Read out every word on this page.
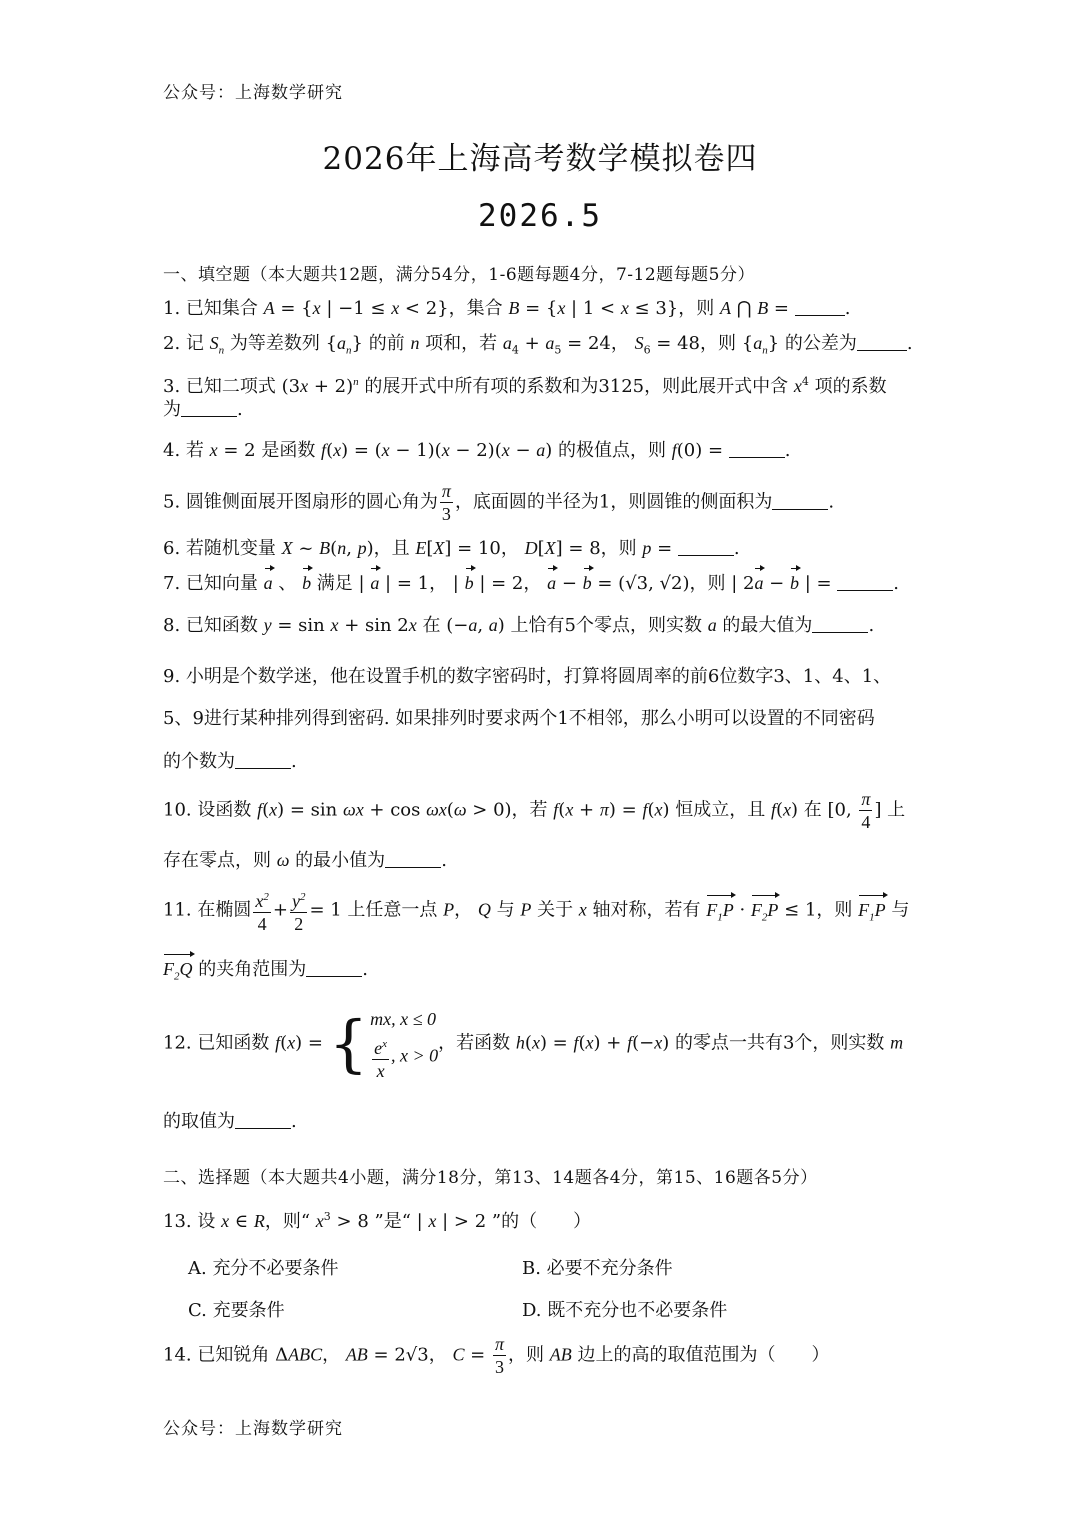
公众号：上海数学研究
2026年上海高考数学模拟卷四
2026.5
一、填空题（本大题共12题，满分54分，1-6题每题4分，7-12题每题5分）
1. 已知集合 A = {x | −1 ≤ x < 2}，集合 B = {x | 1 < x ≤ 3}，则 A ⋂ B =	.
2. 记 $S_n$ 为等差数列 $\{a_n\}$ 的前 n 项和，若 $a_4 + a_5 = 24$， $S_6 = 48$，则 $\{a_n\}$ 的公差为	.
3. 已知二项式 $(3x + 2)^n$ 的展开式中所有项的系数和为3125，则此展开式中含 $x^4$ 项的系数
为	.
4. 若 x = 2 是函数 f(x) = (x − 1)(x − 2)(x − a) 的极值点，则 f(0) =	.
5. 圆锥侧面展开图扇形的圆心角为 $\frac{\pi}{3}$ ，底面圆的半径为1，则圆锥的侧面积为	.
6. 若随机变量 X ~ B(n, p)，且 E[X] = 10， D[X] = 8，则 p =	.
7. 已知向量 a 、 b 满足 | a | = 1， | b | = 2， a − b = (√3, √2)，则 | 2a − b | =	.
8. 已知函数 y = sin x + sin 2x 在 (−a, a) 上恰有5个零点，则实数 a 的最大值为	.
9. 小明是个数学迷，他在设置手机的数字密码时，打算将圆周率的前6位数字3、1、4、1、
5、9进行某种排列得到密码. 如果排列时要求两个1不相邻，那么小明可以设置的不同密码
的个数为	.
10. 设函数 f(x) = sin ωx + cos ωx(ω > 0)，若 f(x + π) = f(x) 恒成立，且 f(x) 在 [0, $\frac{\pi}{4}$ ] 上
存在零点，则 ω 的最小值为	.
11. 在椭圆 $\frac{x^2}{4} + \frac{y^2}{2} = 1$ 上任意一点 P， Q 与 P 关于 x 轴对称，若有 $F_1P \cdot F_2P \le 1$，则 $F_1P$ 与
$F_2Q$ 的夹角范围为	.
12. 已知函数 f(x) = { mx, x ≤ 0
$\frac{e^x}{x}$ , x > 0
，若函数 h(x) = f(x) + f(−x) 的零点一共有3个，则实数 m
的取值为	.
二、选择题（本大题共4小题，满分18分，第13、14题各4分，第15、16题各5分）
13. 设 x ∈ R，则“ $x^3 > 8$ ”是“ | x | > 2 ”的（　　）
A. 充分不必要条件	B. 必要不充分条件
C. 充要条件	D. 既不充分也不必要条件
14. 已知锐角 ΔABC， AB = 2√3， $C = \frac{\pi}{3}$ ，则 AB 边上的高的取值范围为（　　）
公众号：上海数学研究
